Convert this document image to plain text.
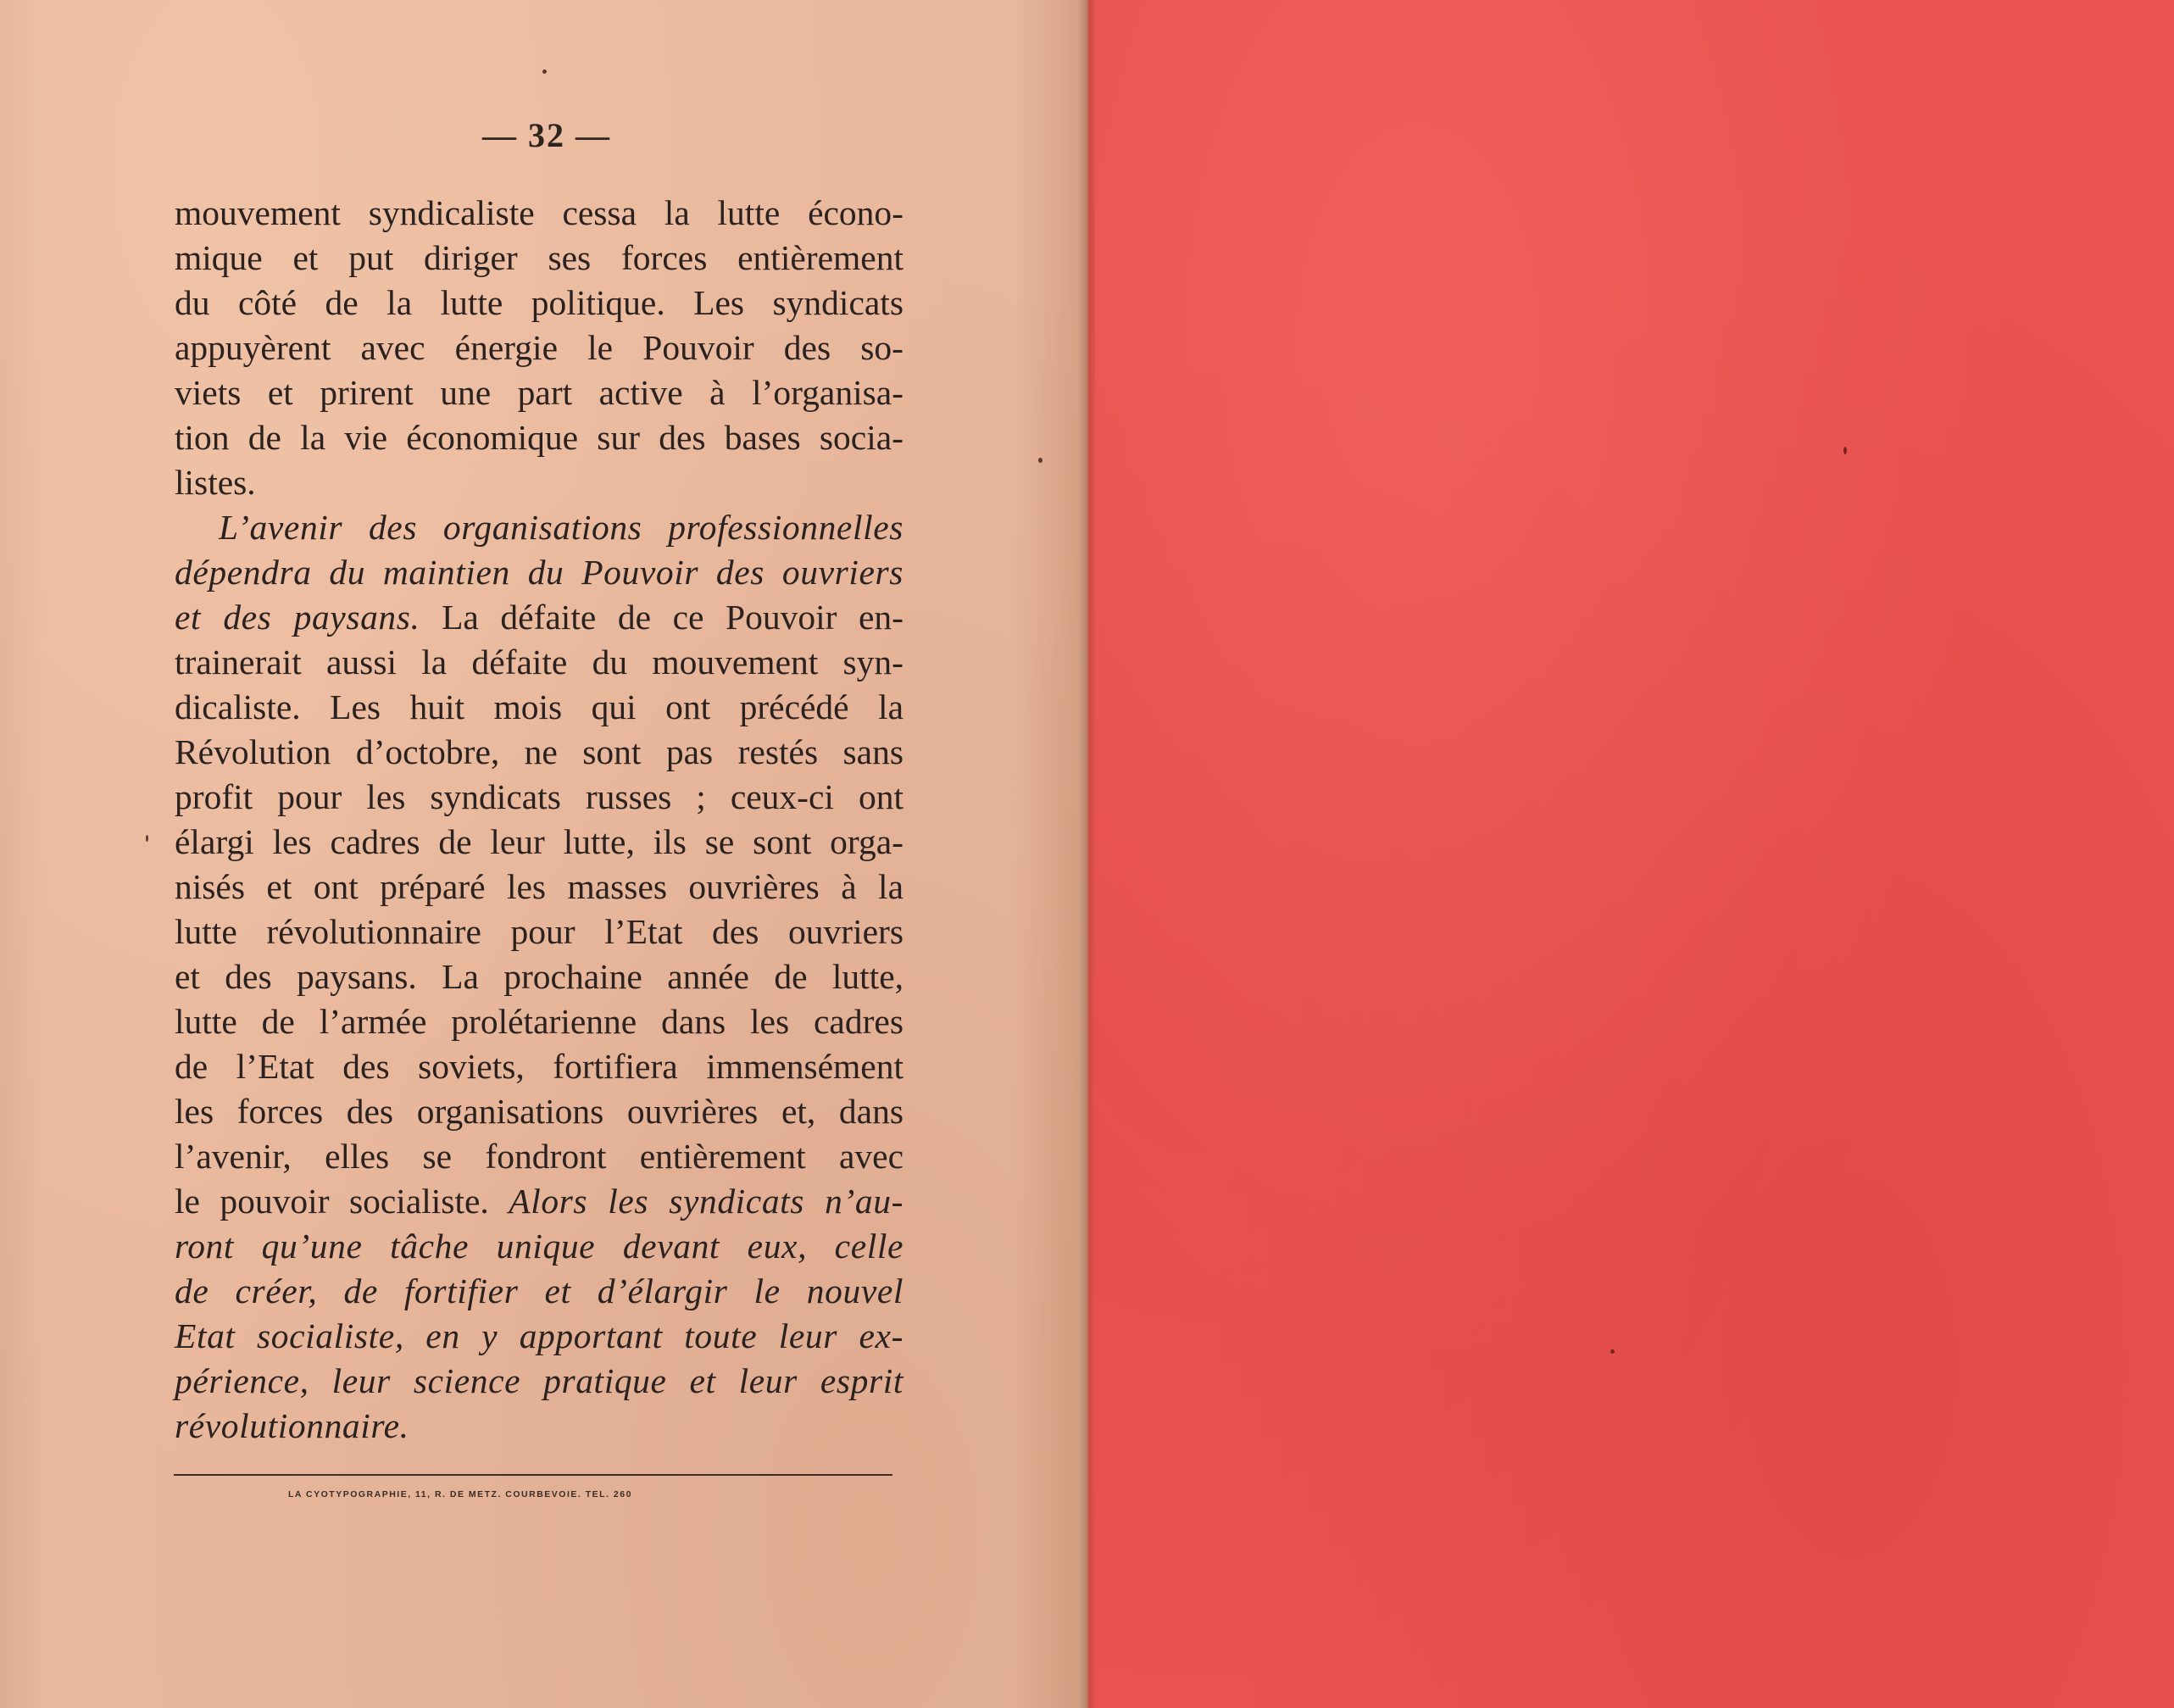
— 32 —
mouvement syndicaliste cessa la lutte écono-
mique et put diriger ses forces entièrement
du côté de la lutte politique. Les syndicats
appuyèrent avec énergie le Pouvoir des so-
viets et prirent une part active à l’organisa-
tion de la vie économique sur des bases socia-
listes.
L’avenir des organisations professionnelles
dépendra du maintien du Pouvoir des ouvriers
et des paysans. La défaite de ce Pouvoir en-
trainerait aussi la défaite du mouvement syn-
dicaliste. Les huit mois qui ont précédé la
Révolution d’octobre, ne sont pas restés sans
profit pour les syndicats russes ; ceux-ci ont
élargi les cadres de leur lutte, ils se sont orga-
nisés et ont préparé les masses ouvrières à la
lutte révolutionnaire pour l’Etat des ouvriers
et des paysans. La prochaine année de lutte,
lutte de l’armée prolétarienne dans les cadres
de l’Etat des soviets, fortifiera immensément
les forces des organisations ouvrières et, dans
l’avenir, elles se fondront entièrement avec
le pouvoir socialiste. Alors les syndicats n’au-
ront qu’une tâche unique devant eux, celle
de créer, de fortifier et d’élargir le nouvel
Etat socialiste, en y apportant toute leur ex-
périence, leur science pratique et leur esprit
révolutionnaire.
LA CYOTYPOGRAPHIE, 11, R. DE METZ. COURBEVOIE. TEL. 260
